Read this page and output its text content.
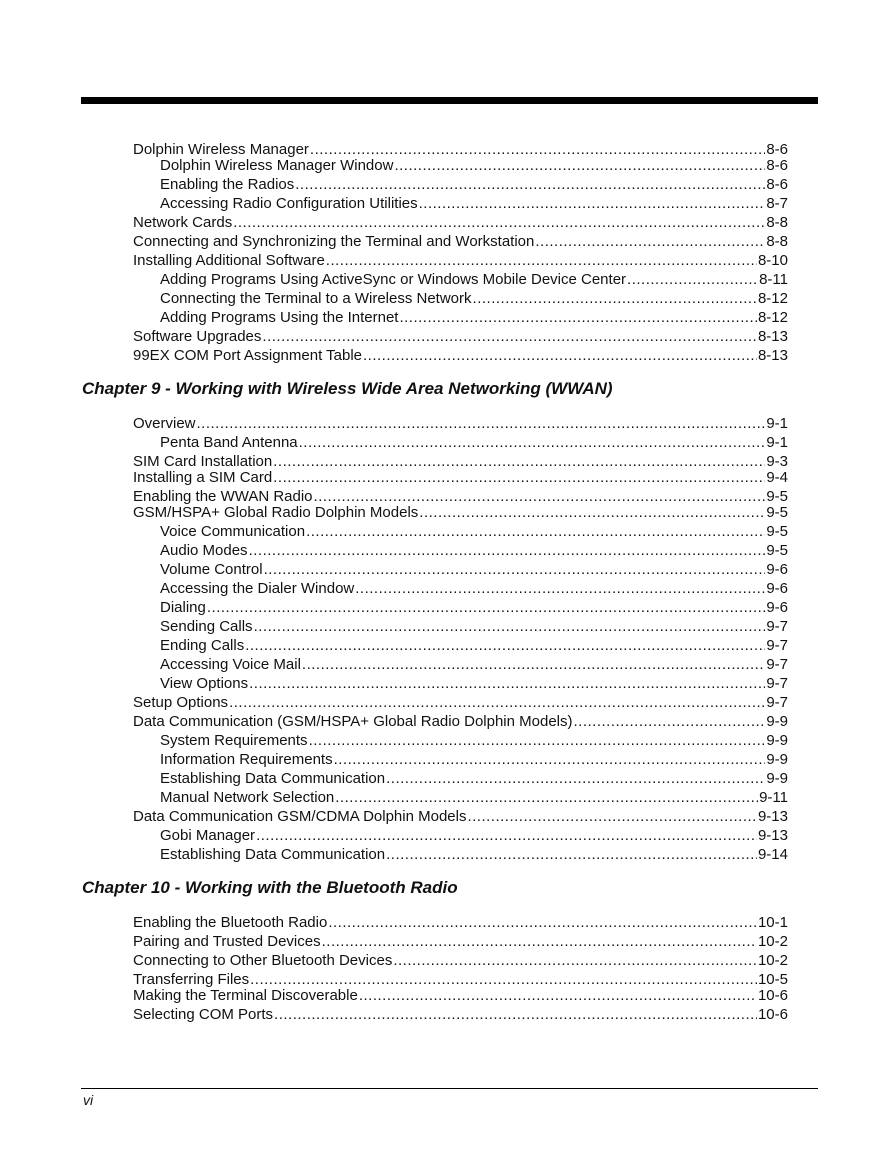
Dolphin Wireless Manager .....	8-6
Dolphin Wireless Manager Window .....	8-6
Enabling the Radios .....	8-6
Accessing Radio Configuration Utilities .....	8-7
Network Cards .....	8-8
Connecting and Synchronizing the Terminal and Workstation .....	8-8
Installing Additional Software .....	8-10
Adding Programs Using ActiveSync or Windows Mobile Device Center .....	8-11
Connecting the Terminal to a Wireless Network .....	8-12
Adding Programs Using the Internet .....	8-12
Software Upgrades .....	8-13
99EX COM Port Assignment Table .....	8-13
Chapter 9 - Working with Wireless Wide Area Networking (WWAN)
Overview .....	9-1
Penta Band Antenna .....	9-1
SIM Card Installation .....	9-3
Installing a SIM Card .....	9-4
Enabling the WWAN Radio .....	9-5
GSM/HSPA+ Global Radio Dolphin Models .....	9-5
Voice Communication .....	9-5
Audio Modes .....	9-5
Volume Control .....	9-6
Accessing the Dialer Window .....	9-6
Dialing .....	9-6
Sending Calls .....	9-7
Ending Calls .....	9-7
Accessing Voice Mail .....	9-7
View Options .....	9-7
Setup Options .....	9-7
Data Communication (GSM/HSPA+ Global Radio Dolphin Models) .....	9-9
System Requirements .....	9-9
Information Requirements .....	9-9
Establishing Data Communication .....	9-9
Manual Network Selection .....	9-11
Data Communication GSM/CDMA Dolphin Models .....	9-13
Gobi Manager .....	9-13
Establishing Data Communication .....	9-14
Chapter 10 - Working with the Bluetooth Radio
Enabling the Bluetooth Radio .....	10-1
Pairing and Trusted Devices .....	10-2
Connecting to Other Bluetooth Devices .....	10-2
Transferring Files .....	10-5
Making the Terminal Discoverable .....	10-6
Selecting COM Ports .....	10-6
vi
